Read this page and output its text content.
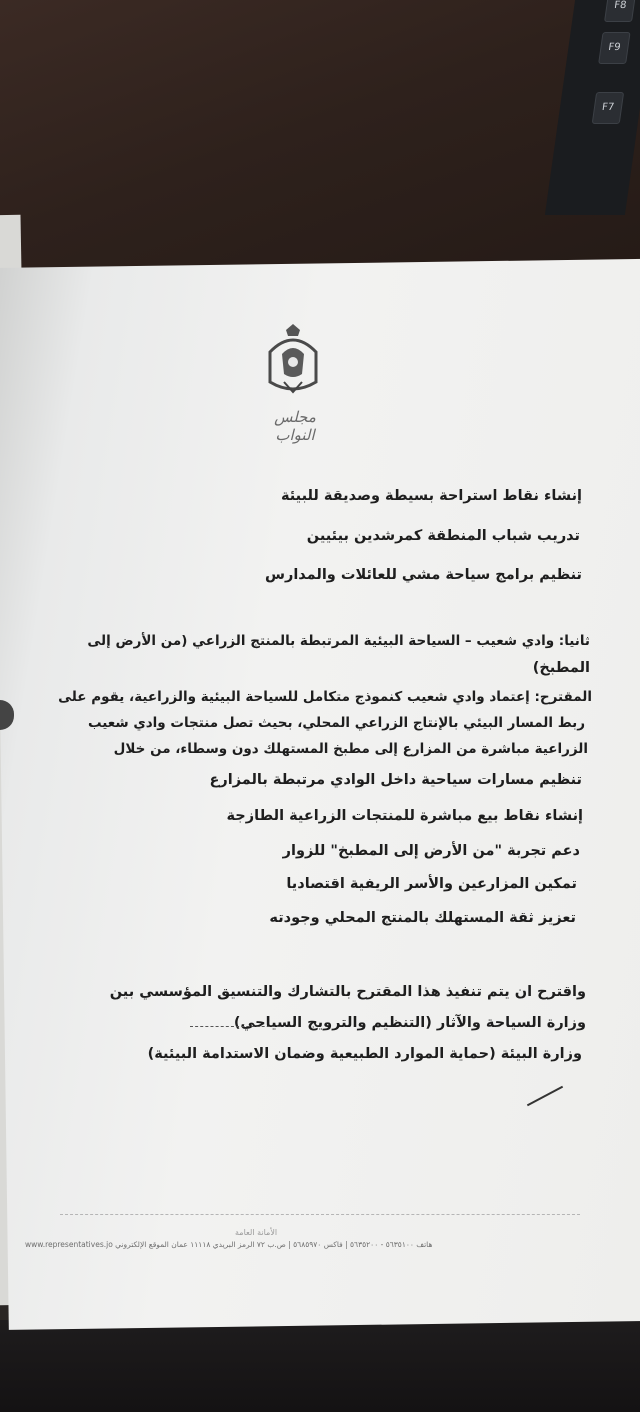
F8
F9
F7
مجلس النواب
إنشاء نقاط استراحة بسيطة وصديقة للبيئة
تدريب شباب المنطقة كمرشدين بيئيين
تنظيم برامج سياحة مشي للعائلات والمدارس
ثانيا: وادي شعيب – السياحة البيئية المرتبطة بالمنتج الزراعي (من الأرض إلى
المطبخ)
المقترح: إعتماد وادي شعيب كنموذج متكامل للسياحة البيئية والزراعية، يقوم على
ربط المسار البيئي بالإنتاج الزراعي المحلي، بحيث تصل منتجات وادي شعيب
الزراعية مباشرة من المزارع إلى مطبخ المستهلك دون وسطاء، من خلال
تنظيم مسارات سياحية داخل الوادي مرتبطة بالمزارع
إنشاء نقاط بيع مباشرة للمنتجات الزراعية الطازجة
دعم تجربة "من الأرض إلى المطبخ" للزوار
تمكين المزارعين والأسر الريفية اقتصاديا
تعزيز ثقة المستهلك بالمنتج المحلي وجودته
واقترح ان يتم تنفيذ هذا المقترح بالتشارك والتنسيق المؤسسي بين
وزارة السياحة والآثار (التنظيم والترويج السياحي)
وزارة البيئة (حماية الموارد الطبيعية وضمان الاستدامة البيئية)
الأمانة العامة
هاتف ٥٦٣٥١٠٠ - ٥٦٣٥٢٠٠ | فاكس ٥٦٨٥٩٧٠ | ص.ب ٧٢ الرمز البريدي ١١١١٨ عمان الموقع الإلكتروني www.representatives.jo
